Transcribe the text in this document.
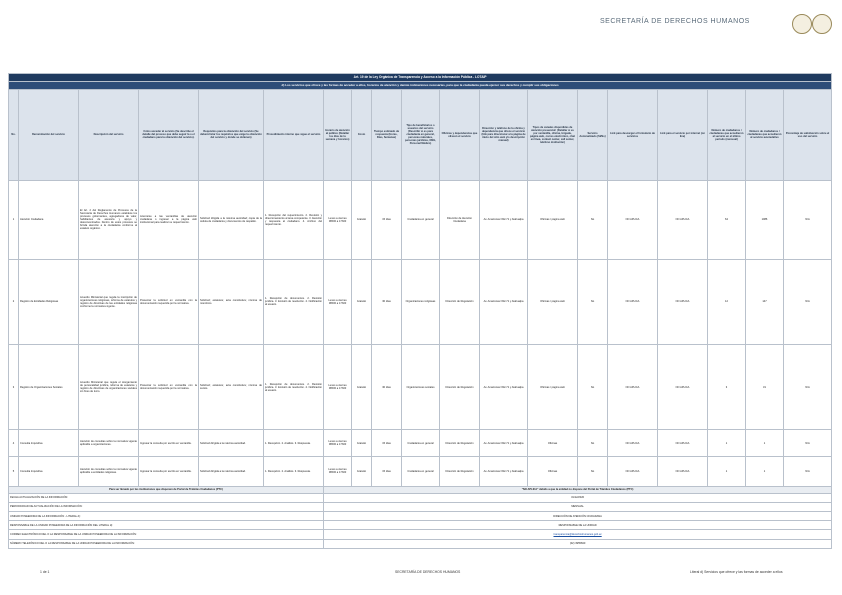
SECRETARÍA DE DERECHOS HUMANOS
Art. 19 de la Ley Orgánica de Transparencia y Acceso a la Información Pública - LOTAIP																		
d) Los servicios que ofrece y las formas de acceder a ellos, horarios de atención y demás indicaciones necesarias, para que la ciudadanía pueda ejercer sus derechos y cumplir sus obligaciones																		
No.	Denominación del servicio	Descripción del servicio	Cómo acceder al servicio (Se describe el detalle del proceso que debe seguir la o el ciudadano para la obtención del servicio).	Requisitos para la obtención del servicio (Se deberá listar los requisitos que exige la obtención del servicio y donde se obtienen)	Procedimiento interno que sigue el servicio	Horario de atención al público (Detallar los días de la semana y horarios)	Costo	Tiempo estimado de respuesta (Horas, Días, Semanas)	Tipo de beneficiarios o usuarios del servicio (Describir si es para ciudadanía en general, personas naturales, personas jurídicas, ONG, Personal Médico)	Oficinas y dependencias que ofrecen el servicio	Dirección y teléfono de la oficina y dependencia que ofrece el servicio (link para direccionar a la página de inicio del sitio web y/o descripción manual)	Tipos de canales disponibles de atención presencial: (Detallar si es por ventanilla, oficina, brigada, página web, correo electrónico, chat en línea, contact center, call center, teléfono institución)	Servicio Automatizado (Si/No)	Link para descargar el formulario de servicios	Link para el servicio por internet (on line)	Número de ciudadanos / ciudadanas que accedieron al servicio en el último período (mensual)	Número de ciudadanos / ciudadanas que accedieron al servicio acumulativo	Porcentaje de satisfacción sobre el uso del servicio
1	Atención Ciudadana	El Art. 2 del Reglamento de Procesos de la Secretaría de Derechos Humanos establece los procesos gobernantes, agregadores de valor, habilitantes de asesoría y apoyo y desconcentrados. Dentro de estos procesos se brinda atención a la ciudadanía conforme al estatuto orgánico.	Acercarse a las ventanillas de atención ciudadana o ingresar a la página web institucional para realizar su requerimiento.	Solicitud dirigida a la máxima autoridad; copia de la cédula de ciudadanía y documentos de respaldo.	1. Recepción del requerimiento. 2. Revisión y direccionamiento al área competente. 3. Atención y respuesta al ciudadano. 4. Archivo del requerimiento.	Lunes a viernes 08h00 a 17h00	Gratuito	15 días	Ciudadanía en general	Dirección de Atención Ciudadana	Av. Amazonas N32-71 y Atahualpa	Oficinas / página web	No	NO APLICA	NO APLICA	64	1086	N/A
2	Registro de Entidades Religiosas	Acuerdo Ministerial que regula la inscripción de organizaciones religiosas, reforma de estatutos y registro de directivas de las entidades religiosas conforme la normativa vigente.	Presentar la solicitud en ventanilla con la documentación requerida por la normativa.	Solicitud; estatutos; acta constitutiva; nómina de miembros.	1. Recepción de documentos. 2. Revisión jurídica. 3. Emisión de resolución. 4. Notificación al usuario.	Lunes a viernes 08h00 a 17h00	Gratuito	30 días	Organizaciones religiosas	Dirección de Regulación	Av. Amazonas N32-71 y Atahualpa	Oficinas / página web	No	NO APLICA	NO APLICA	12	147	N/A
3	Registro de Organizaciones Sociales	Acuerdo Ministerial que regula el otorgamiento de personalidad jurídica, reforma de estatutos y registro de directivas de organizaciones sociales sin fines de lucro.	Presentar la solicitud en ventanilla con la documentación requerida por la normativa.	Solicitud; estatutos; acta constitutiva; nómina de socios.	1. Recepción de documentos. 2. Revisión jurídica. 3. Emisión de resolución. 4. Notificación al usuario.	Lunes a viernes 08h00 a 17h00	Gratuito	30 días	Organizaciones sociales	Dirección de Regulación	Av. Amazonas N32-71 y Atahualpa	Oficinas / página web	No	NO APLICA	NO APLICA	3	31	N/A
4	Consulta Inquisitiva	Atención de consultas sobre la normativa vigente aplicable a organizaciones.	Ingresar la consulta por escrito en ventanilla.	Solicitud dirigida a la máxima autoridad.	1. Recepción. 2. Análisis. 3. Respuesta.	Lunes a viernes 08h00 a 17h00	Gratuito	15 días	Ciudadanía en general	Dirección de Regulación	Av. Amazonas N32-71 y Atahualpa	Oficinas	No	NO APLICA	NO APLICA	1	1	N/A
5	Consulta Inquisitiva	Atención de consultas sobre la normativa vigente aplicable a entidades religiosas.	Ingresar la consulta por escrito en ventanilla.	Solicitud dirigida a la máxima autoridad.	1. Recepción. 2. Análisis. 3. Respuesta.	Lunes a viernes 08h00 a 17h00	Gratuito	15 días	Ciudadanía en general	Dirección de Regulación	Av. Amazonas N32-71 y Atahualpa	Oficinas	No	NO APLICA	NO APLICA	1	1	N/A
Para ser llenado por las instituciones que disponen de Portal de Trámites Ciudadanos (PTC)						"NO APLICA" debido a que la entidad no dispone del Portal de Trámites Ciudadanos (PTC)												
FECHA ACTUALIZACIÓN DE LA INFORMACIÓN:						31/12/2020												
PERIODICIDAD DE ACTUALIZACIÓN DE LA INFORMACIÓN:						MENSUAL												
UNIDAD POSEEDORA DE LA INFORMACIÓN - LITERAL d):						DIRECCIÓN DE ATENCIÓN CIUDADANA												
RESPONSABLE DE LA UNIDAD POSEEDORA DE LA INFORMACIÓN DEL LITERAL d):						RESPONSABLE DE LA UNIDAD												
CORREO ELECTRÓNICO DEL O LA RESPONSABLE DE LA UNIDAD POSEEDORA DE LA INFORMACIÓN:						transparencia@derechoshumanos.gob.ec												
NÚMERO TELEFÓNICO DEL O LA RESPONSABLE DE LA UNIDAD POSEEDORA DE LA INFORMACIÓN:						(02) 3955840												
1 de 1	SECRETARÍA DE DERECHOS HUMANOS	Literal d) Servicios que ofrece y las formas de acceder a ellos
